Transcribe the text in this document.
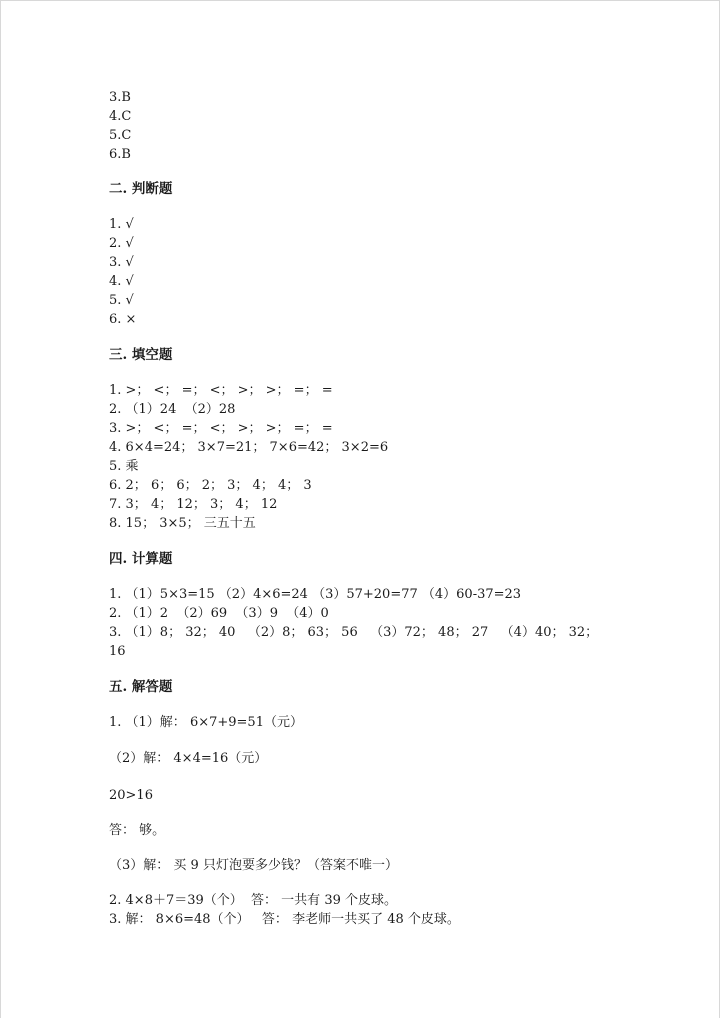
3.B
4.C
5.C
6.B
二. 判断题
1. √
2. √
3. √
4. √
5. √
6. ×
三. 填空题
1. >； <； =； <； >； >； =； =
2. （1）24  （2）28
3. >； <； =； <； >； >； =； =
4. 6×4=24； 3×7=21； 7×6=42； 3×2=6
5. 乘
6. 2； 6； 6； 2； 3； 4； 4； 3
7. 3； 4； 12； 3； 4； 12
8. 15； 3×5； 三五十五
四. 计算题
1. （1）5×3=15 （2）4×6=24 （3）57+20=77 （4）60-37=23
2. （1）2  （2）69  （3）9  （4）0
3. （1）8； 32； 40   （2）8； 63； 56   （3）72； 48； 27   （4）40； 32；
16
五. 解答题
1. （1）解： 6×7+9=51（元）
（2）解： 4×4=16（元）
20>16
答： 够。
（3）解： 买 9 只灯泡要多少钱？（答案不唯一）
2. 4×8＋7＝39（个）  答： 一共有 39 个皮球。
3. 解： 8×6=48（个）   答： 李老师一共买了 48 个皮球。
